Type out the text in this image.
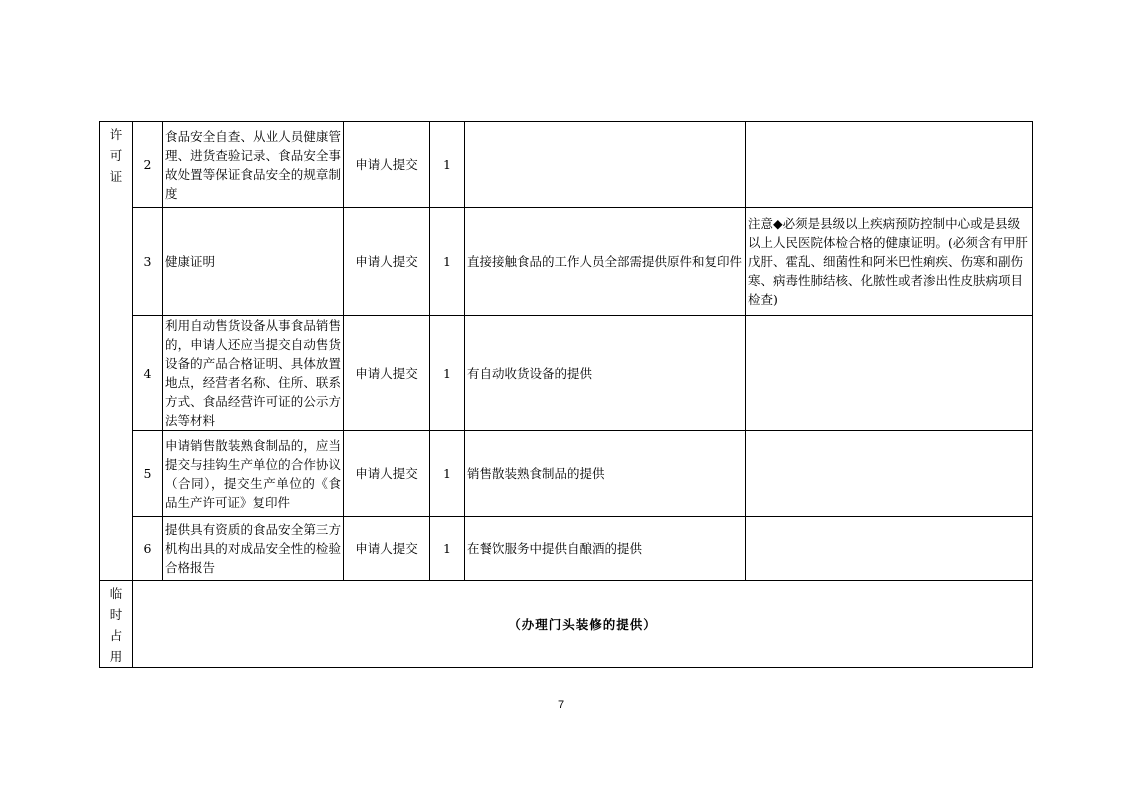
许可证	2	食品安全自查、从业人员健康管理、进货查验记录、食品安全事故处置等保证食品安全的规章制度	申请人提交	1		
	3	健康证明	申请人提交	1	直接接触食品的工作人员全部需提供原件和复印件	注意◆必须是县级以上疾病预防控制中心或是县级以上人民医院体检合格的健康证明。(必须含有甲肝戊肝、霍乱、细菌性和阿米巴性痢疾、伤寒和副伤寒、病毒性肺结核、化脓性或者渗出性皮肤病项目检查)
	4	利用自动售货设备从事食品销售的，申请人还应当提交自动售货设备的产品合格证明、具体放置地点，经营者名称、住所、联系方式、食品经营许可证的公示方法等材料	申请人提交	1	有自动收货设备的提供	
	5	申请销售散装熟食制品的，应当提交与挂钩生产单位的合作协议（合同），提交生产单位的《食品生产许可证》复印件	申请人提交	1	销售散装熟食制品的提供	
	6	提供具有资质的食品安全第三方机构出具的对成品安全性的检验合格报告	申请人提交	1	在餐饮服务中提供自酿酒的提供	

临时占用	（办理门头装修的提供）					
7
